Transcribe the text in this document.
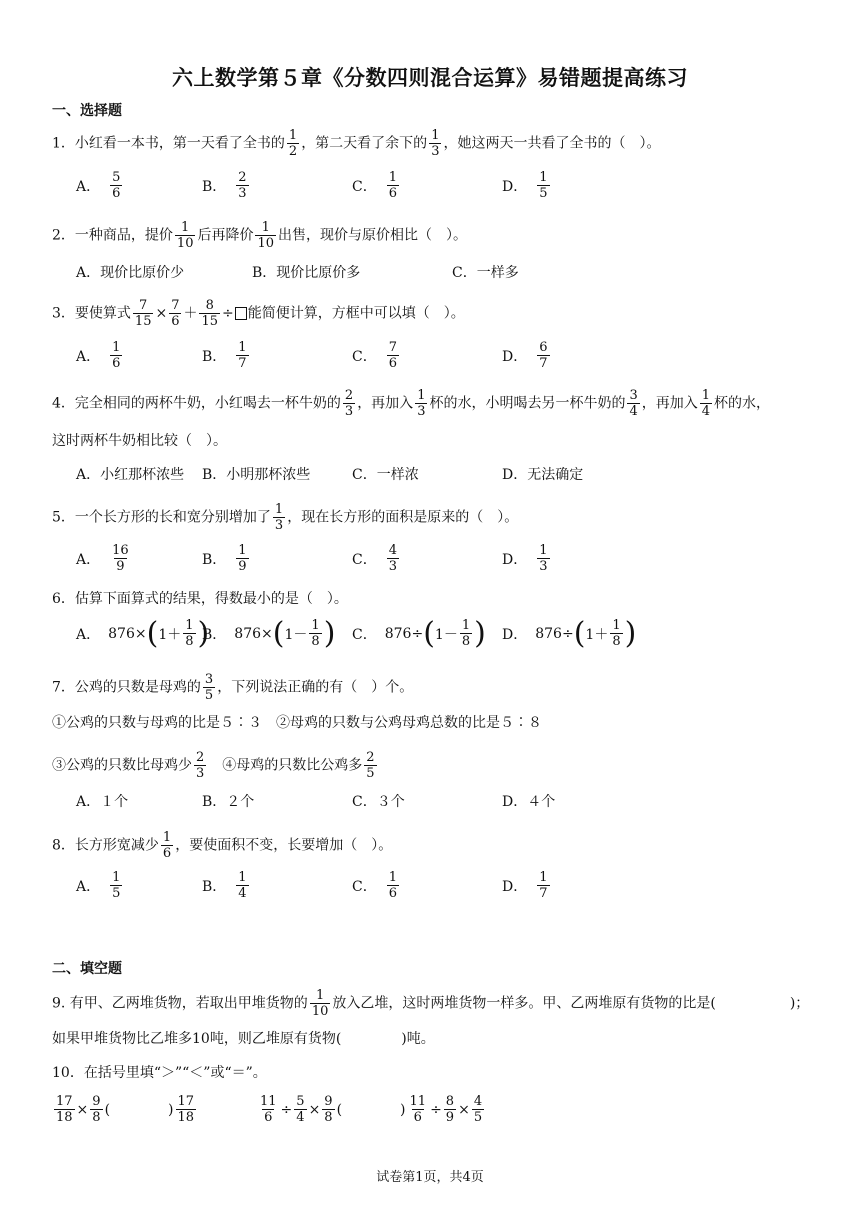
六上数学第５章《分数四则混合运算》易错题提高练习
一、选择题
1．小红看一本书，第一天看了全书的 $\frac{1}{2}$ ，第二天看了余下的 $\frac{1}{3}$ ，她这两天一共看了全书的（　）。
A． $\frac{5}{6}$	B． $\frac{2}{3}$	C． $\frac{1}{6}$	D． $\frac{1}{5}$
2．一种商品，提价 $\frac{1}{10}$ 后再降价 $\frac{1}{10}$ 出售，现价与原价相比（　）。
A．现价比原价少	B．现价比原价多	C．一样多
3．要使算式 $\frac{7}{15} \times \frac{7}{6} + \frac{8}{15}$ ÷ 能简便计算，方框中可以填（　）。
A． $\frac{1}{6}$	B． $\frac{1}{7}$	C． $\frac{7}{6}$	D． $\frac{6}{7}$
4．完全相同的两杯牛奶，小红喝去一杯牛奶的 $\frac{2}{3}$ ，再加入 $\frac{1}{3}$ 杯的水，小明喝去另一杯牛奶的 $\frac{3}{4}$ ，再加入 $\frac{1}{4}$ 杯的水，
这时两杯牛奶相比较（　）。
A．小红那杯浓些 B．小明那杯浓些	C．一样浓	D．无法确定
5．一个长方形的长和宽分别增加了 $\frac{1}{3}$ ，现在长方形的面积是原来的（　）。
A． $\frac{16}{9}$	B． $\frac{1}{9}$	C． $\frac{4}{3}$	D． $\frac{1}{3}$
6．估算下面算式的结果，得数最小的是（　）。
A． 876 × ( $1+ \frac{1}{8}$ )
B． 876 × ( $1- \frac{1}{8}$ ) C． 876 ÷ ( $1- \frac{1}{8}$ ) D． 876 ÷ ( $1+ \frac{1}{8}$ )
7．公鸡的只数是母鸡的 $\frac{3}{5}$ ，下列说法正确的有（　）个。
①公鸡的只数与母鸡的比是５∶３　②母鸡的只数与公鸡母鸡总数的比是５∶８
③公鸡的只数比母鸡少 $\frac{2}{3}$ 　④母鸡的只数比公鸡多 $\frac{2}{5}$
A．１个	B．２个	C．３个	D．４个
8．长方形宽减少 $\frac{1}{6}$ ，要使面积不变，长要增加（　）。
A． $\frac{1}{5}$	B． $\frac{1}{4}$	C． $\frac{1}{6}$	D． $\frac{1}{7}$
二、填空题
9. 有甲、乙两堆货物，若取出甲堆货物的 $\frac{1}{10}$ 放入乙堆，这时两堆货物一样多。甲、乙两堆原有货物的比是(	)；
如果甲堆货物比乙堆多10吨，则乙堆原有货物(	)吨。
10．在括号里填“＞”“＜”或“＝”。
$\frac{17}{18} \times \frac{9}{8}$ (	) $\frac{17}{18}$	$\frac{11}{6} \div \frac{5}{4} \times \frac{9}{8}$ (	) $\frac{11}{6} \div \frac{8}{9} \times \frac{4}{5}$
试卷第1页，共4页
